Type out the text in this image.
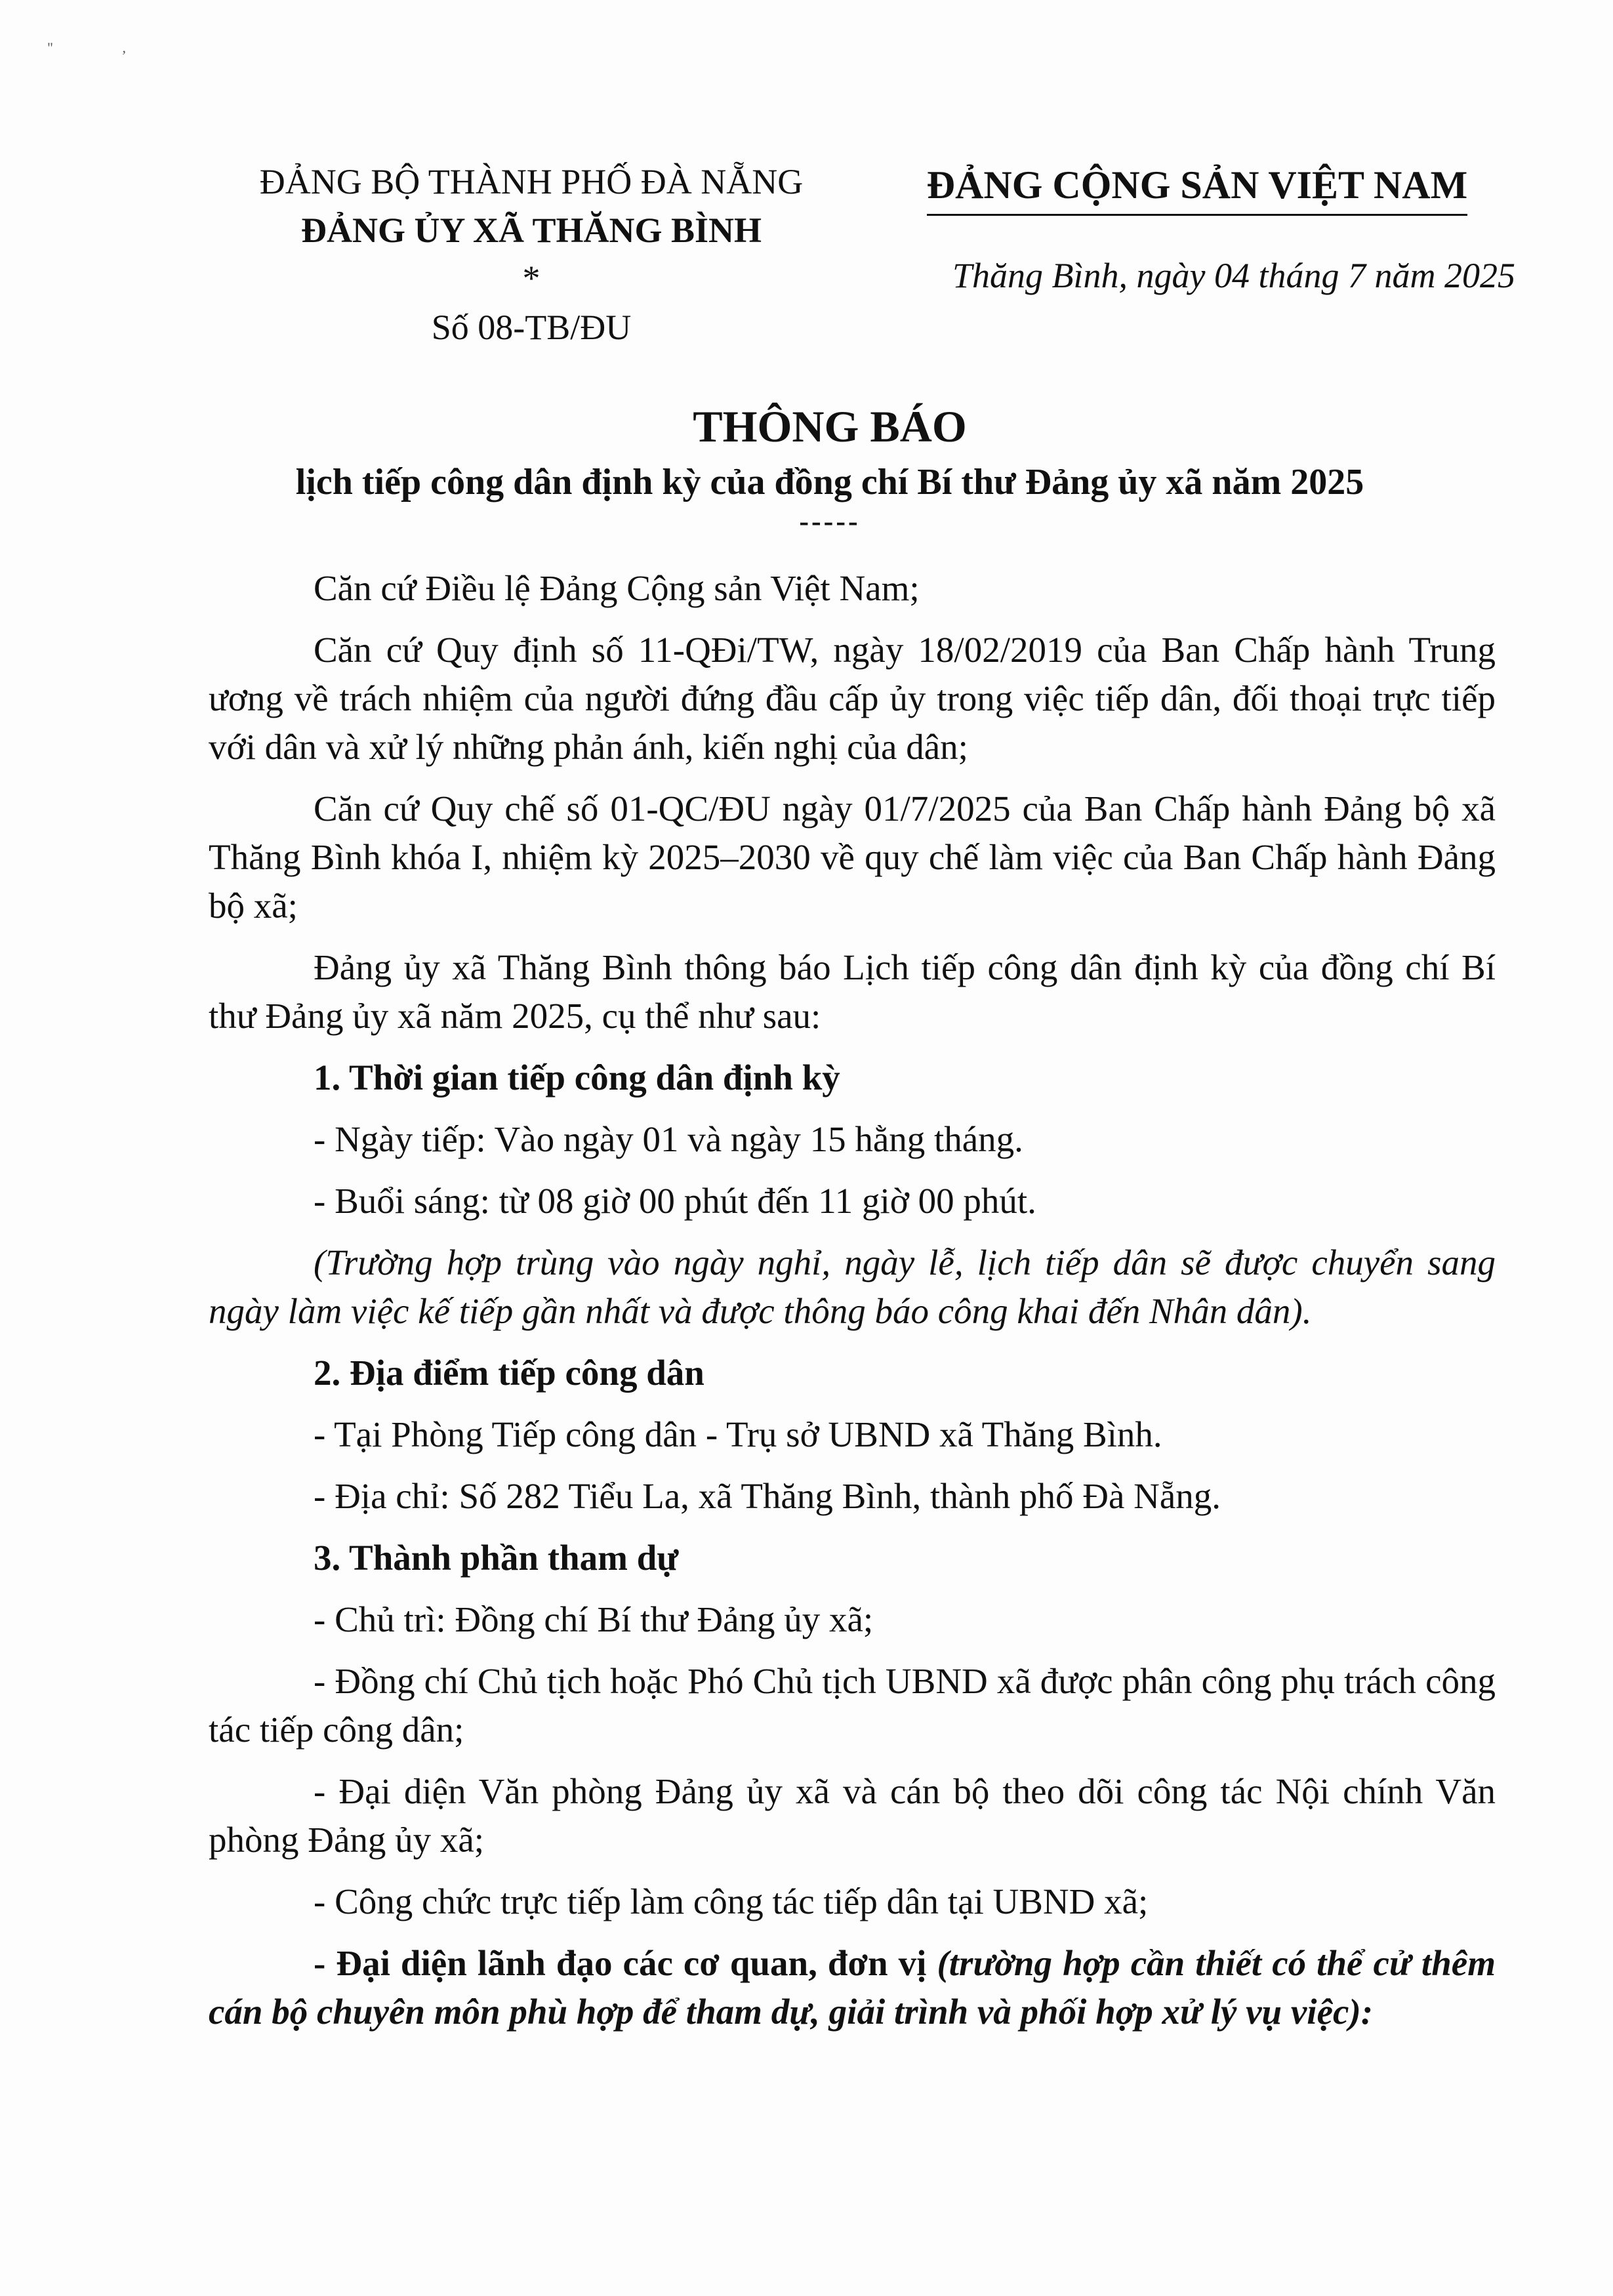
" ,
ĐẢNG BỘ THÀNH PHỐ ĐÀ NẴNG
ĐẢNG ỦY XÃ THĂNG BÌNH
*
Số 08-TB/ĐU
ĐẢNG CỘNG SẢN VIỆT NAM
Thăng Bình, ngày 04 tháng 7 năm 2025
THÔNG BÁO
lịch tiếp công dân định kỳ của đồng chí Bí thư Đảng ủy xã năm 2025
-----

Căn cứ Điều lệ Đảng Cộng sản Việt Nam;

Căn cứ Quy định số 11-QĐi/TW, ngày 18/02/2019 của Ban Chấp hành Trung ương về trách nhiệm của người đứng đầu cấp ủy trong việc tiếp dân, đối thoại trực tiếp với dân và xử lý những phản ánh, kiến nghị của dân;

Căn cứ Quy chế số 01-QC/ĐU ngày 01/7/2025 của Ban Chấp hành Đảng bộ xã Thăng Bình khóa I, nhiệm kỳ 2025–2030 về quy chế làm việc của Ban Chấp hành Đảng bộ xã;

Đảng ủy xã Thăng Bình thông báo Lịch tiếp công dân định kỳ của đồng chí Bí thư Đảng ủy xã năm 2025, cụ thể như sau:

1. Thời gian tiếp công dân định kỳ

- Ngày tiếp: Vào ngày 01 và ngày 15 hằng tháng.

- Buổi sáng: từ 08 giờ 00 phút đến 11 giờ 00 phút.

(Trường hợp trùng vào ngày nghỉ, ngày lễ, lịch tiếp dân sẽ được chuyển sang ngày làm việc kế tiếp gần nhất và được thông báo công khai đến Nhân dân).

2. Địa điểm tiếp công dân

- Tại Phòng Tiếp công dân - Trụ sở UBND xã Thăng Bình.

- Địa chỉ: Số 282 Tiểu La, xã Thăng Bình, thành phố Đà Nẵng.

3. Thành phần tham dự

- Chủ trì: Đồng chí Bí thư Đảng ủy xã;

- Đồng chí Chủ tịch hoặc Phó Chủ tịch UBND xã được phân công phụ trách công tác tiếp công dân;

- Đại diện Văn phòng Đảng ủy xã và cán bộ theo dõi công tác Nội chính Văn phòng Đảng ủy xã;

- Công chức trực tiếp làm công tác tiếp dân tại UBND xã;

- Đại diện lãnh đạo các cơ quan, đơn vị (trường hợp cần thiết có thể cử thêm cán bộ chuyên môn phù hợp để tham dự, giải trình và phối hợp xử lý vụ việc):
